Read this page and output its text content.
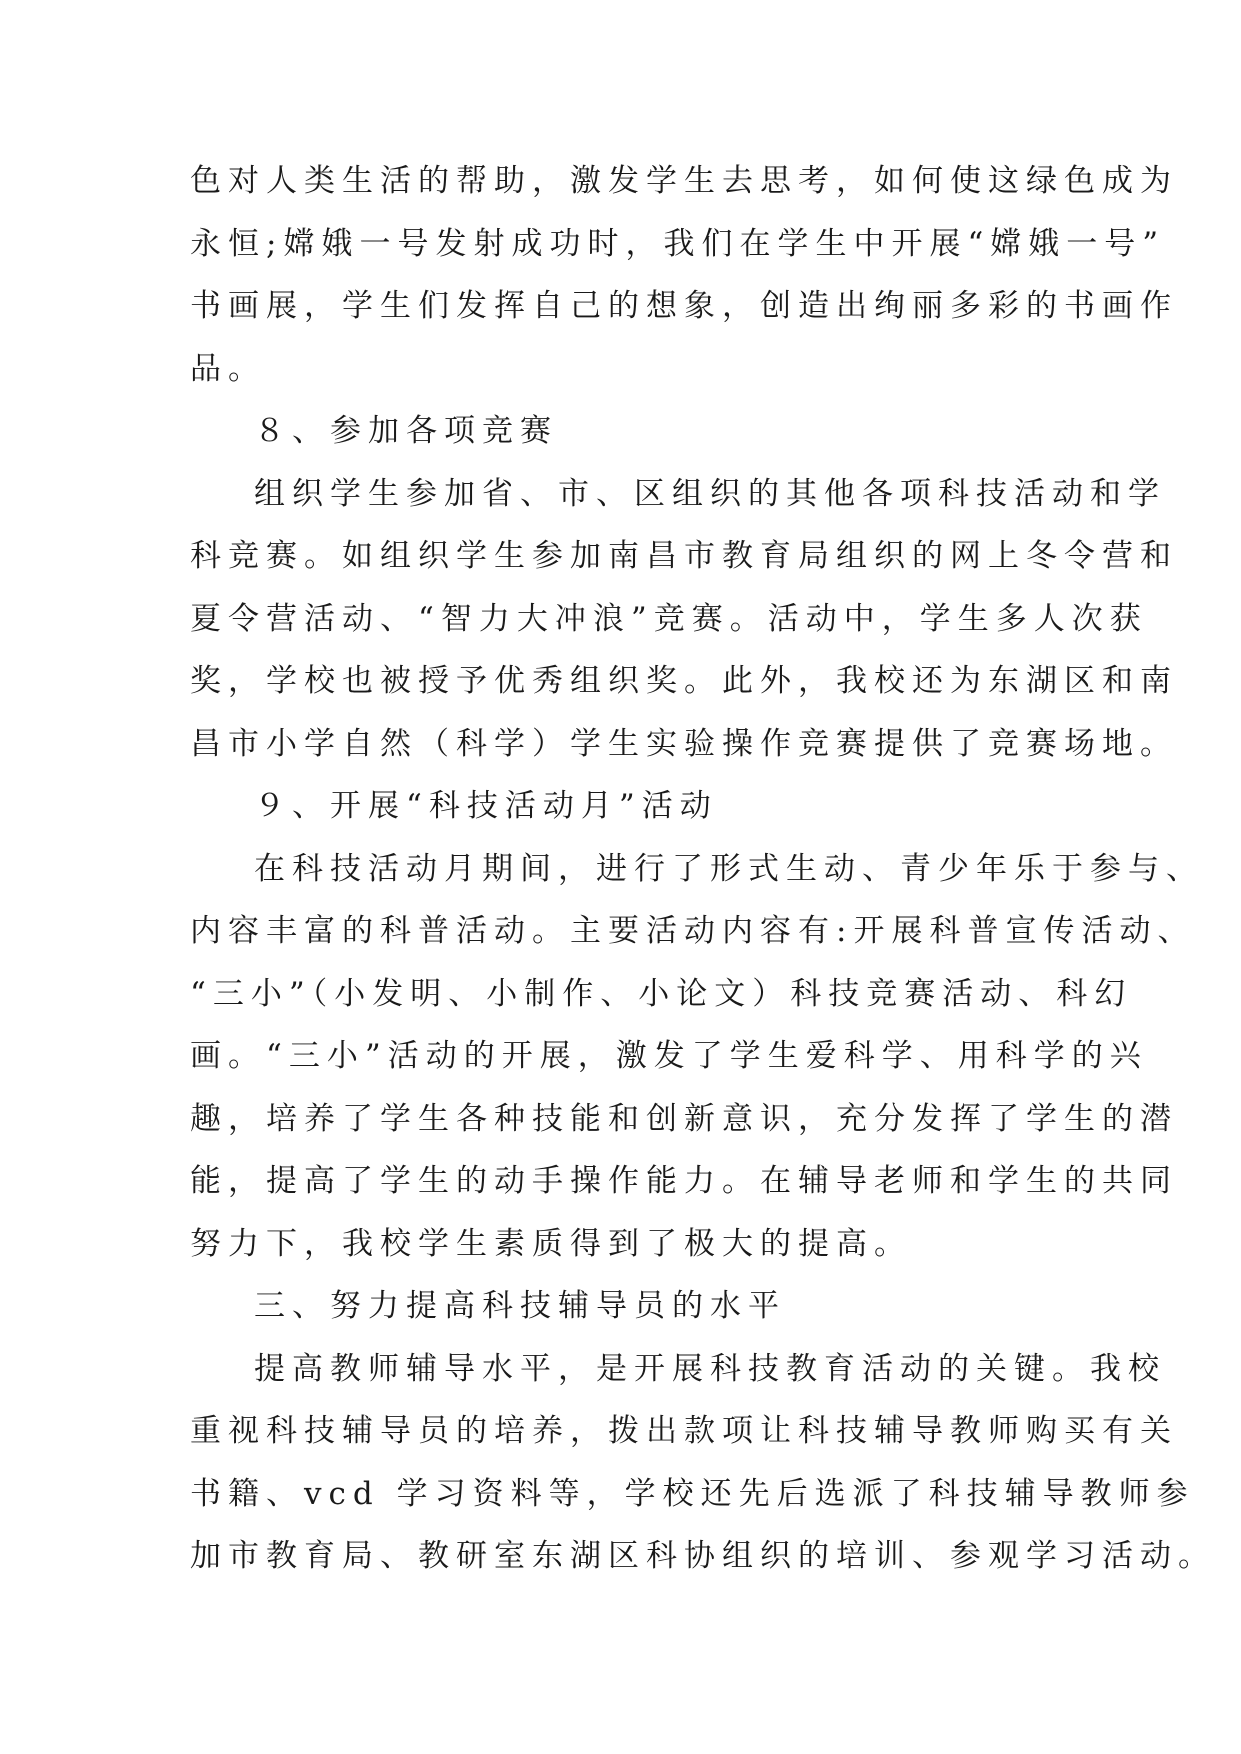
色对人类生活的帮助，激发学生去思考，如何使这绿色成为
永恒;嫦娥一号发射成功时，我们在学生中开展“嫦娥一号”
书画展，学生们发挥自己的想象，创造出绚丽多彩的书画作
品。
８、参加各项竞赛
组织学生参加省、市、区组织的其他各项科技活动和学
科竞赛。如组织学生参加南昌市教育局组织的网上冬令营和
夏令营活动、“智力大冲浪”竞赛。活动中，学生多人次获
奖，学校也被授予优秀组织奖。此外，我校还为东湖区和南
昌市小学自然（科学）学生实验操作竞赛提供了竞赛场地。
９、开展“科技活动月”活动
在科技活动月期间，进行了形式生动、青少年乐于参与、
内容丰富的科普活动。主要活动内容有:开展科普宣传活动、
“三小”（小发明、小制作、小论文）科技竞赛活动、科幻
画。“三小”活动的开展，激发了学生爱科学、用科学的兴
趣，培养了学生各种技能和创新意识，充分发挥了学生的潜
能，提高了学生的动手操作能力。在辅导老师和学生的共同
努力下，我校学生素质得到了极大的提高。
三、努力提高科技辅导员的水平
提高教师辅导水平，是开展科技教育活动的关键。我校
重视科技辅导员的培养，拨出款项让科技辅导教师购买有关
书籍、vcd 学习资料等，学校还先后选派了科技辅导教师参
加市教育局、教研室东湖区科协组织的培训、参观学习活动。
